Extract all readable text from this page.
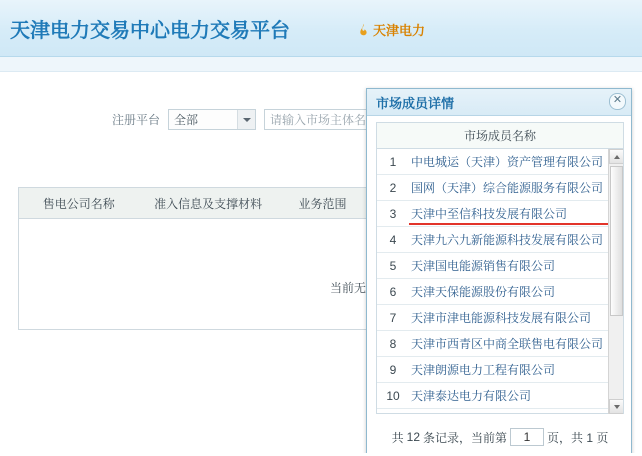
天津电力交易中心电力交易平台	天津电力
注册平台	全部
请输入市场主体名称
售电公司名称	准入信息及支撑材料	业务范围
当前无
市场成员详情	✕
市场成员名称
1	中电城运（天津）资产管理有限公司
2	国网（天津）综合能源服务有限公司
3	天津中至信科技发展有限公司
4	天津九六九新能源科技发展有限公司
5	天津国电能源销售有限公司
6	天津天保能源股份有限公司
7	天津市津电能源科技发展有限公司
8	天津市西青区中商全联售电有限公司
9	天津朗源电力工程有限公司
10 天津泰达电力有限公司
共 12 条记录，当前第
1	页，共 1 页
